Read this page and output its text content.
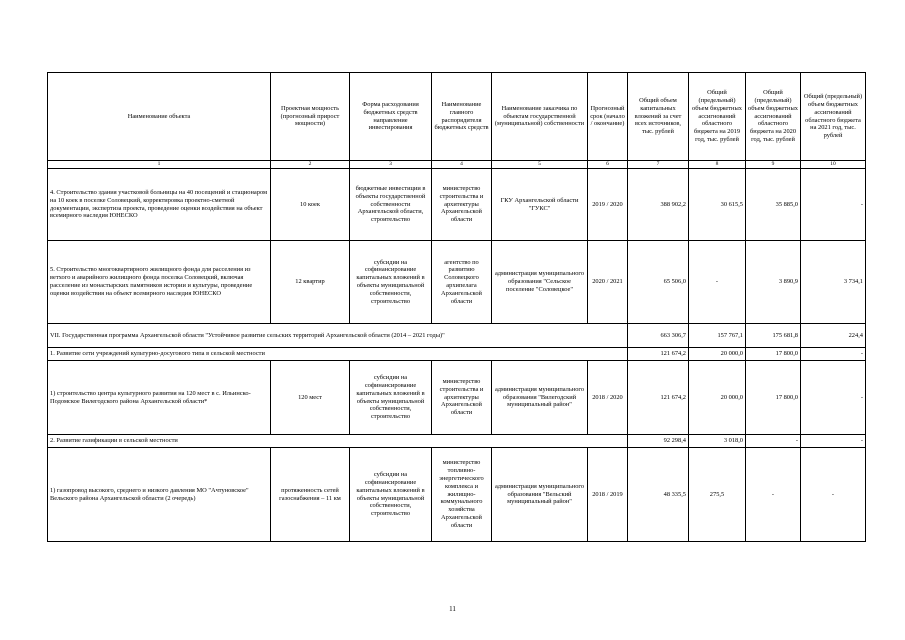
Наименование объекта	Проектная мощность (прогнозный прирост мощности)	Форма расходования бюджетных средств направление инвестирования	Наименование главного распорядителя бюджетных средств	Наименование заказчика по объектам государственной (муниципальной) собственности	Прогнозный срок (начало / окончание)	Общий объем капитальных вложений за счет всех источников, тыс. рублей	Общий (предельный) объем бюджетных ассигнований областного бюджета на 2019 год, тыс. рублей	Общий (предельный) объем бюджетных ассигнований областного бюджета на 2020 год, тыс. рублей	Общий (предельный) объем бюджетных ассигнований областного бюджета на 2021 год, тыс. рублей
1	2	3	4	5	6	7	8	9	10
4. Строительство здания участковой больницы на 40 посещений и стационаром на 10 коек в поселке Соловецкий, корректировка проектно-сметной документации, экспертиза проекта, проведение оценки воздействия на объект всемирного наследия ЮНЕСКО	10 коек	бюджетные инвестиции в объекты государственной собственности Архангельской области, строительство	министерство строительства и архитектуры Архангельской области	ГКУ Архангельской области "ГУКС"	2019 / 2020	388 902,2	30 615,5	35 885,0	-
5. Строительство многоквартирного жилищного фонда для расселения из ветхого и аварийного жилищного фонда поселка Соловецкий, включая расселение из монастырских памятников истории и культуры, проведение оценки воздействия на объект всемирного наследия ЮНЕСКО	12 квартир	субсидии на софинансирование капитальных вложений в объекты муниципальной собственности, строительство	агентство по развитию Соловецкого архипелага Архангельской области	администрация муниципального образования "Сельское поселение "Соловецкое"	2020 / 2021	65 506,0	-	3 890,9	3 734,1
VII. Государственная программа Архангельской области "Устойчивое развитие сельских территорий Архангельской области (2014 – 2021 годы)"						663 306,7	157 767,1	175 681,8	224,4
1. Развитие сети учреждений культурно-досугового типа в сельской местности						121 674,2	20 000,0	17 800,0	-
1) строительство центра культурного развития на 120 мест в с. Ильинско-Подомское Вилегодского района Архангельской области*	120 мест	субсидии на софинансирование капитальных вложений в объекты муниципальной собственности, строительство	министерство строительства и архитектуры Архангельской области	администрация муниципального образования "Вилегодский муниципальный район"	2018 / 2020	121 674,2	20 000,0	17 800,0	-
2. Развитие газификации в сельской местности						92 298,4	3 018,0	-	-
1) газопровод высокого, среднего и низкого давления МО "Ачтуновское" Вельского района Архангельской области (2 очередь)	протяженность сетей газоснабжения – 11 км	субсидии на софинансирование капитальных вложений в объекты муниципальной собственности, строительство	министерство топливно-энергетического комплекса и жилищно-коммунального хозяйства Архангельской области	администрация муниципального образования "Вельский муниципальный район"	2018 / 2019	48 335,5	275,5	-	-
11
